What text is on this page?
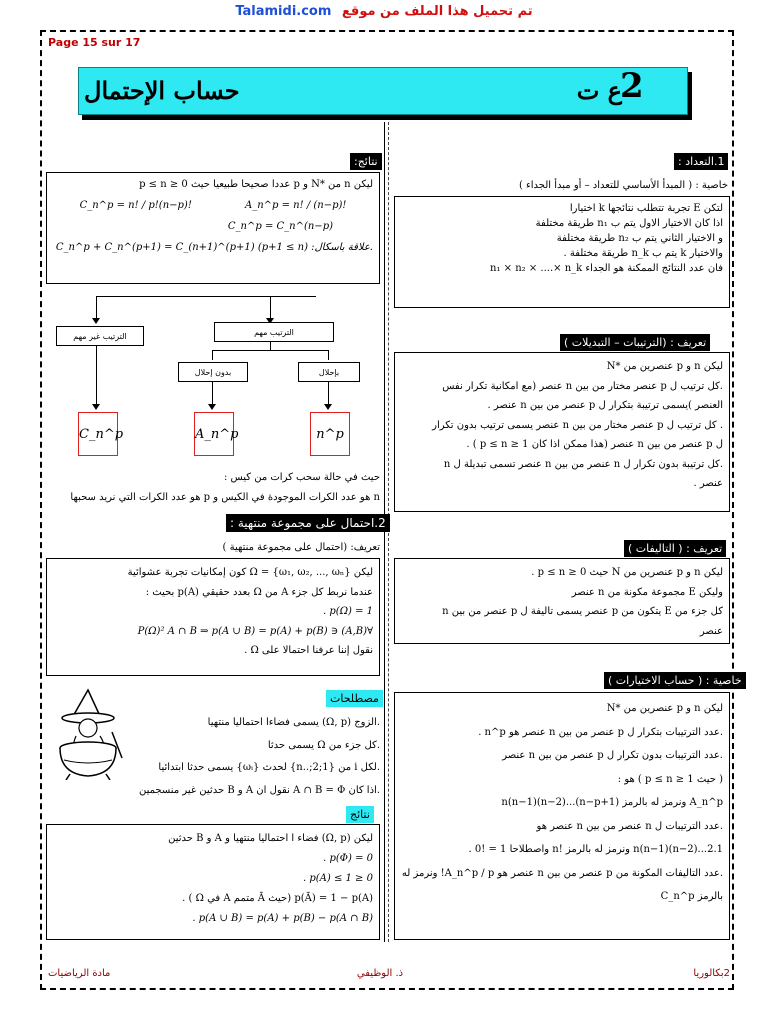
Talamidi.com تم تحميل هذا الملف من موقع
Page 15 sur 17
2
ع ت
حساب الإحتمال
1.التعداد :
خاصية : ( المبدأ الأساسي للتعداد – أو مبدأ الجداء )
لتكن E تجربة تتطلب نتائجها k اختيارا
اذا كان الاختيار الاول يتم ب n₁ طريقة مختلفة
و الاختيار الثاني يتم ب n₂ طريقة مختلفة
والاختيار k يتم ب n_k طريقة مختلفة .
فان عدد النتائج الممكنة هو الجداء n₁ × n₂ × ....× n_k
تعريف : (الترتيبات – التبديلات )
ليكن n و p عنصرين من *N
.كل ترتيب ل p عنصر مختار من بين n عنصر (مع امكانية تكرار نفس
العنصر )يسمى ترتيبة بتكرار ل p عنصر من بين n عنصر .
. كل ترتيب ل p عنصر مختار من بين n عنصر يسمى ترتيب بدون تكرار
ل p عنصر من بين n عنصر (هذا ممكن اذا كان 1 ≤ p ≤ n ) .
.كل ترتيبة بدون تكرار ل n عنصر من بين n عنصر تسمى تبديلة ل n
عنصر .
تعريف : ( التاليفات )
ليكن n و p عنصرين من N حيث 0 ≤ p ≤ n .
وليكن E مجموعة مكونة من n عنصر
كل جزء من E يتكون من p عنصر يسمى تاليفة ل p عنصر من بين n
عنصر
خاصية : ( حساب الاختيارات )
ليكن n و p عنصرين من *N
.عدد الترتيبات بتكرار ل p عنصر من بين n عنصر هو n^p .
.عدد الترتيبات بدون تكرار ل p عنصر من بين n عنصر
( حيث 1 ≤ p ≤ n ) هو :
A_n^p ونرمز له بالرمز n(n−1)(n−2)...(n−p+1)
.عدد الترتيبات ل n عنصر من بين n عنصر هو
n(n−1)(n−2)...2.1 ونرمز له بالرمز !n واصطلاحا 1 = !0 .
.عدد التاليفات المكونة من p عنصر من بين n عنصر هو A_n^p / p! ونرمز له
بالرمز C_n^p
نتائج:
ليكن n من *N و p عددا صحيحا طبيعيا حيث 0 ≤ p ≤ n
C_n^p = n! / p!(n−p)!	A_n^p = n! / (n−p)!
C_n^p = C_n^(n−p)
.علاقة باسكال: (p+1 ≤ n) C_n^p + C_n^(p+1) = C_(n+1)^(p+1)
الترتيب غير مهم	الترتيب مهم
بدون إحلال	بإحلال
C_n^p	A_n^p	n^p
حيث في حالة سحب كرات من كيس :
n هو عدد الكرات الموجودة في الكيس و p هو عدد الكرات التي نريد سحبها
2.احتمال على مجموعة منتهية :
تعريف: (احتمال على مجموعة منتهية )
ليكن Ω = {ω₁, ω₂, ..., ωₙ} كون إمكانيات تجربة عشوائية
عندما نربط كل جزء A من Ω بعدد حقيقي p(A) بحيث :
p(Ω) = 1 .
∀(A,B) ∈ P(Ω)² A ∩ B ⇒ p(A ∪ B) = p(A) + p(B)
نقول إننا عرفنا احتمالا على Ω .
مصطلحات
.الزوج (Ω, p) يسمى فضاءا احتماليا منتهيا
.كل جزء من Ω يسمى حدثا
.لكل i من {1;2;..n} لحدث {ωᵢ} يسمى حدثا ابتدائيا
.اذا كان A ∩ B = Φ نقول ان A و B حدثين غير منسجمين
نتائج
ليكن (Ω, p) فضاء ا احتماليا منتهيا و A و B حدثين
p(Φ) = 0 .
0 ≤ p(A) ≤ 1 .
p(Ā) = 1 − p(A) (حيث Ā متمم A في Ω ) .
p(A ∪ B) = p(A) + p(B) − p(A ∩ B) .
2بكالوريا
ذ. الوظيفي
مادة الرياضيات
